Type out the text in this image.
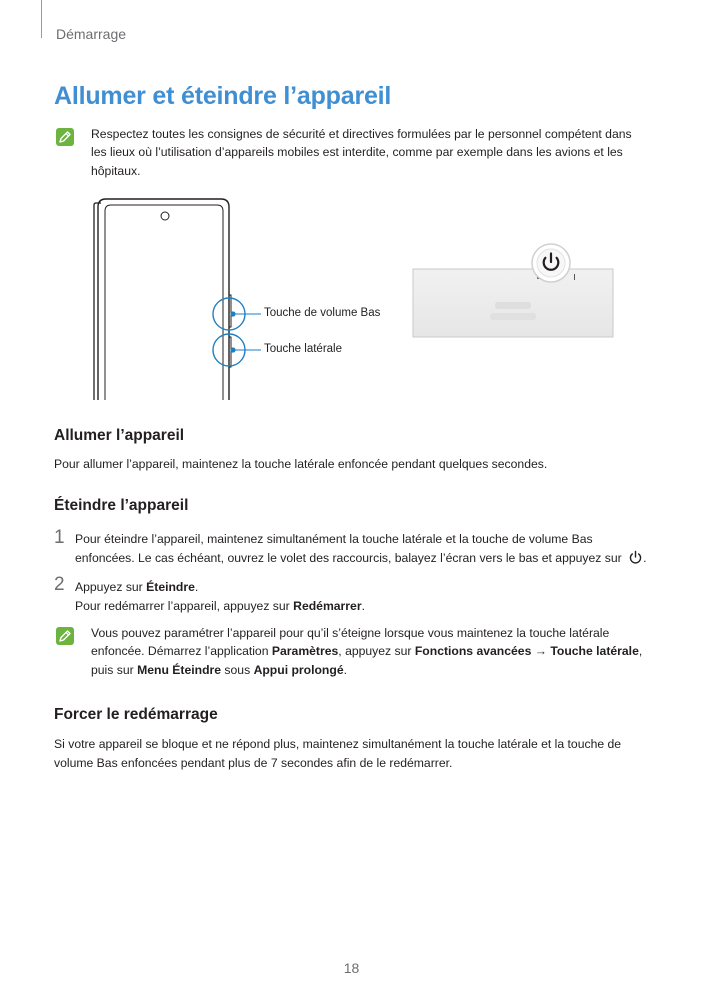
Démarrage
Allumer et éteindre l’appareil
Respectez toutes les consignes de sécurité et directives formulées par le personnel compétent dans
les lieux où l’utilisation d’appareils mobiles est interdite, comme par exemple dans les avions et les
hôpitaux.
Touche de volume Bas
Touche latérale
Allumer l’appareil
Pour allumer l’appareil, maintenez la touche latérale enfoncée pendant quelques secondes.
Éteindre l’appareil
1 Pour éteindre l’appareil, maintenez simultanément la touche latérale et la touche de volume Bas
enfoncées. Le cas échéant, ouvrez le volet des raccourcis, balayez l’écran vers le bas et appuyez sur .
2 Appuyez sur Éteindre.
Pour redémarrer l’appareil, appuyez sur Redémarrer.
Vous pouvez paramétrer l’appareil pour qu’il s’éteigne lorsque vous maintenez la touche latérale
enfoncée. Démarrez l’application Paramètres, appuyez sur Fonctions avancées → Touche latérale,
puis sur Menu Éteindre sous Appui prolongé.
Forcer le redémarrage
Si votre appareil se bloque et ne répond plus, maintenez simultanément la touche latérale et la touche de
volume Bas enfoncées pendant plus de 7 secondes afin de le redémarrer.
18
